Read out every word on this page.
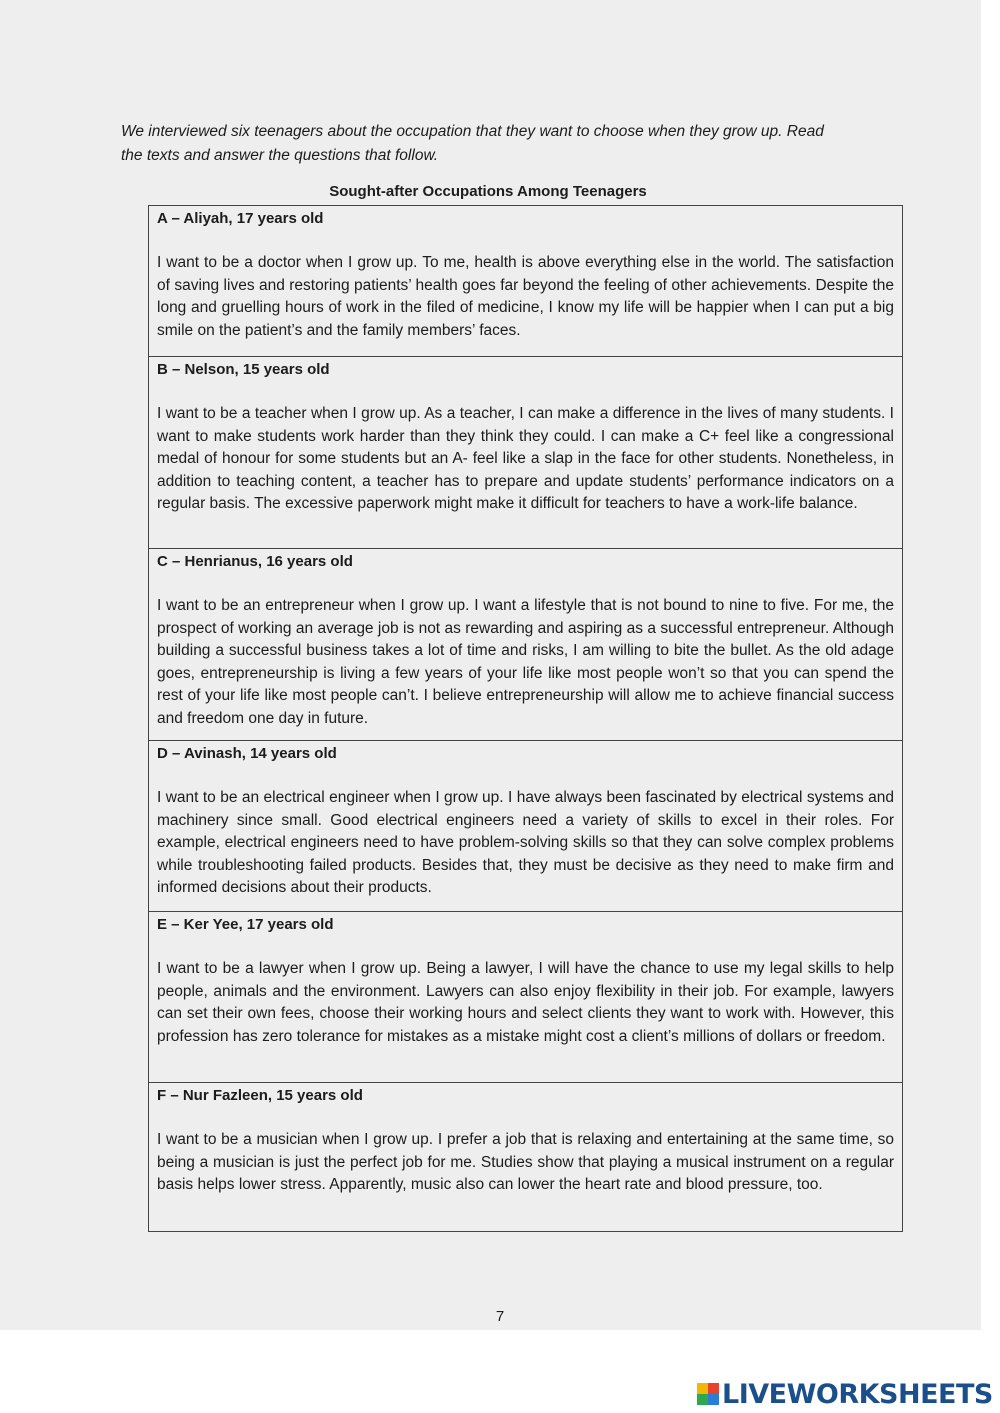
We interviewed six teenagers about the occupation that they want to choose when they grow up. Read the texts and answer the questions that follow.
Sought-after Occupations Among Teenagers
A – Aliyah, 17 years old

I want to be a doctor when I grow up. To me, health is above everything else in the world. The satisfaction of saving lives and restoring patients’ health goes far beyond the feeling of other achievements. Despite the long and gruelling hours of work in the filed of medicine, I know my life will be happier when I can put a big smile on the patient’s and the family members’ faces.

B – Nelson, 15 years old

I want to be a teacher when I grow up. As a teacher, I can make a difference in the lives of many students. I want to make students work harder than they think they could. I can make a C+ feel like a congressional medal of honour for some students but an A- feel like a slap in the face for other students. Nonetheless, in addition to teaching content, a teacher has to prepare and update students’ performance indicators on a regular basis. The excessive paperwork might make it difficult for teachers to have a work-life balance.

C – Henrianus, 16 years old

I want to be an entrepreneur when I grow up. I want a lifestyle that is not bound to nine to five. For me, the prospect of working an average job is not as rewarding and aspiring as a successful entrepreneur. Although building a successful business takes a lot of time and risks, I am willing to bite the bullet. As the old adage goes, entrepreneurship is living a few years of your life like most people won’t so that you can spend the rest of your life like most people can’t. I believe entrepreneurship will allow me to achieve financial success and freedom one day in future.

D – Avinash, 14 years old

I want to be an electrical engineer when I grow up. I have always been fascinated by electrical systems and machinery since small. Good electrical engineers need a variety of skills to excel in their roles. For example, electrical engineers need to have problem-solving skills so that they can solve complex problems while troubleshooting failed products. Besides that, they must be decisive as they need to make firm and informed decisions about their products.

E – Ker Yee, 17 years old

I want to be a lawyer when I grow up. Being a lawyer, I will have the chance to use my legal skills to help people, animals and the environment. Lawyers can also enjoy flexibility in their job. For example, lawyers can set their own fees, choose their working hours and select clients they want to work with. However, this profession has zero tolerance for mistakes as a mistake might cost a client’s millions of dollars or freedom.

F – Nur Fazleen, 15 years old

I want to be a musician when I grow up. I prefer a job that is relaxing and entertaining at the same time, so being a musician is just the perfect job for me. Studies show that playing a musical instrument on a regular basis helps lower stress. Apparently, music also can lower the heart rate and blood pressure, too.

7
LIVEWORKSHEETS
